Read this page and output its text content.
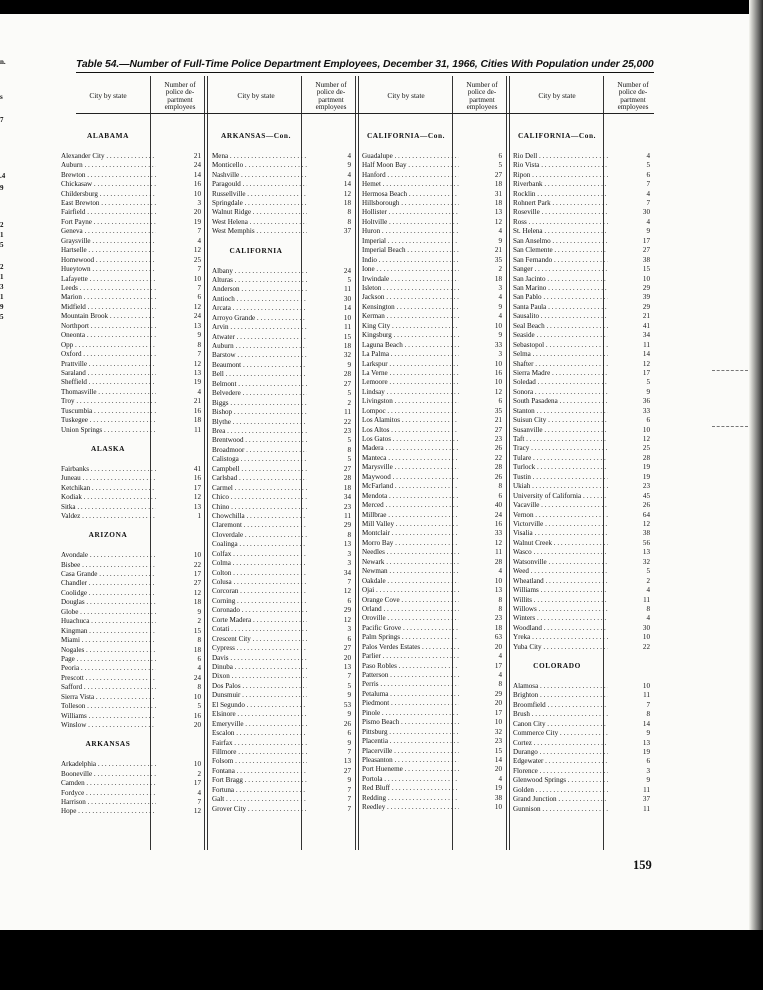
n.
s
7
.4
9
2
1
5
2
1
3
1
9
5
Table 54.—Number of Full-Time Police Department Employees, December 31, 1966, Cities With Population under 25,000
City by state
Number of
police de-
partment
employees
City by state
Number of
police de-
partment
employees
City by state
Number of
police de-
partment
employees
City by state
Number of
police de-
partment
employees
ALABAMA
Alexander City . . .	21
Auburn . . .	24
Brewton . . .	14
Chickasaw . . .	16
Childersburg . . .	10
East Brewton . . .	3
Fairfield . . .	20
Fort Payne . . .	19
Geneva . . .	7
Graysville . . .	4
Hartselle . . .	12
Homewood . . .	25
Hueytown . . .	7
Lafayette . . .	10
Leeds . . .	7
Marion . . .	6
Midfield . . .	12
Mountain Brook . . .	24
Northport . . .	13
Oneonta . . .	9
Opp . . .	8
Oxford . . .	7
Prattville . . .	12
Saraland . . .	13
Sheffield . . .	19
Thomasville . . .	4
Troy . . .	21
Tuscumbia . . .	16
Tuskegee . . .	18
Union Springs . . .	11
ALASKA
Fairbanks . . .	41
Juneau . . .	16
Ketchikan . . .	17
Kodiak . . .	12
Sitka . . .	13
Valdez . . .	1
ARIZONA
Avondale . . .	10
Bisbee . . .	22
Casa Grande . . .	17
Chandler . . .	27
Coolidge . . .	12
Douglas . . .	18
Globe . . .	9
Huachuca . . .	2
Kingman . . .	15
Miami . . .	8
Nogales . . .	18
Page . . .	6
Peoria . . .	4
Prescott . . .	24
Safford . . .	8
Sierra Vista . . .	10
Tolleson . . .	5
Williams . . .	16
Winslow . . .	20
ARKANSAS
Arkadelphia . . .	10
Booneville . . .	2
Camden . . .	17
Fordyce . . .	4
Harrison . . .	7
Hope . . .	12
ARKANSAS—Con.
Mena . . .	4
Monticello . . .	9
Nashville . . .	4
Paragould . . .	14
Russellville . . .	12
Springdale . . .	18
Walnut Ridge . . .	8
West Helena . . .	8
West Memphis . . .	37
CALIFORNIA
Albany . . .	24
Alturas . . .	5
Anderson . . .	11
Antioch . . .	30
Arcata . . .	14
Arroyo Grande . . .	10
Arvin . . .	11
Atwater . . .	15
Auburn . . .	18
Barstow . . .	32
Beaumont . . .	9
Bell . . .	28
Belmont . . .	27
Belvedere . . .	5
Biggs . . .	2
Bishop . . .	11
Blythe . . .	22
Brea . . .	23
Brentwood . . .	5
Broadmoor . . .	8
Calistoga . . .	5
Campbell . . .	27
Carlsbad . . .	28
Carmel . . .	18
Chico . . .	34
Chino . . .	23
Chowchilla . . .	11
Claremont . . .	29
Cloverdale . . .	8
Coalinga . . .	13
Colfax . . .	3
Colma . . .	3
Colton . . .	34
Colusa . . .	7
Corcoran . . .	12
Corning . . .	6
Coronado . . .	29
Corte Madera . . .	12
Cotati . . .	3
Crescent City . . .	6
Cypress . . .	27
Davis . . .	20
Dinuba . . .	13
Dixon . . .	7
Dos Palos . . .	5
Dunsmuir . . .	9
El Segundo . . .	53
Elsinore . . .	9
Emeryville . . .	26
Escalon . . .	6
Fairfax . . .	9
Fillmore . . .	7
Folsom . . .	13
Fontana . . .	27
Fort Bragg . . .	9
Fortuna . . .	7
Galt . . .	7
Grover City . . .	7
CALIFORNIA—Con.
Guadalupe . . .	6
Half Moon Bay . . .	5
Hanford . . .	27
Hemet . . .	18
Hermosa Beach . . .	31
Hillsborough . . .	18
Hollister . . .	13
Holtville . . .	12
Huron . . .	4
Imperial . . .	9
Imperial Beach . . .	21
Indio . . .	35
Ione . . .	2
Irwindale . . .	18
Isleton . . .	3
Jackson . . .	4
Kensington . . .	9
Kerman . . .	4
King City . . .	10
Kingsburg . . .	9
Laguna Beach . . .	33
La Palma . . .	3
Larkspur . . .	10
La Verne . . .	16
Lemoore . . .	10
Lindsay . . .	12
Livingston . . .	6
Lompoc . . .	35
Los Alamitos . . .	21
Los Altos . . .	27
Los Gatos . . .	23
Madera . . .	26
Manteca . . .	22
Marysville . . .	28
Maywood . . .	26
McFarland . . .	8
Mendota . . .	6
Merced . . .	40
Millbrae . . .	24
Mill Valley . . .	16
Montclair . . .	33
Morro Bay . . .	12
Needles . . .	11
Newark . . .	28
Newman . . .	4
Oakdale . . .	10
Ojai . . .	13
Orange Cove . . .	8
Orland . . .	8
Oroville . . .	23
Pacific Grove . . .	18
Palm Springs . . .	63
Palos Verdes Estates . . .	20
Parlier . . .	4
Paso Robles . . .	17
Patterson . . .	4
Perris . . .	8
Petaluma . . .	29
Piedmont . . .	20
Pinole . . .	17
Pismo Beach . . .	10
Pittsburg . . .	32
Placentia . . .	23
Placerville . . .	15
Pleasanton . . .	14
Port Hueneme . . .	20
Portola . . .	4
Red Bluff . . .	19
Redding . . .	38
Reedley . . .	10
CALIFORNIA—Con.
Rio Dell . . .	4
Rio Vista . . .	5
Ripon . . .	6
Riverbank . . .	7
Rocklin . . .	4
Rohnert Park . . .	7
Roseville . . .	30
Ross . . .	4
St. Helena . . .	9
San Anselmo . . .	17
San Clemente . . .	27
San Fernando . . .	38
Sanger . . .	15
San Jacinto . . .	10
San Marino . . .	29
San Pablo . . .	39
Santa Paula . . .	29
Sausalito . . .	21
Seal Beach . . .	41
Seaside . . .	34
Sebastopol . . .	11
Selma . . .	14
Shafter . . .	12
Sierra Madre . . .	17
Soledad . . .	5
Sonora . . .	9
South Pasadena . . .	36
Stanton . . .	33
Suisun City . . .	6
Susanville . . .	10
Taft . . .	12
Tracy . . .	25
Tulare . . .	28
Turlock . . .	19
Tustin . . .	19
Ukiah . . .	23
University of California . . .	45
Vacaville . . .	26
Vernon . . .	64
Victorville . . .	12
Visalia . . .	38
Walnut Creek . . .	56
Wasco . . .	13
Watsonville . . .	32
Weed . . .	5
Wheatland . . .	2
Williams . . .	4
Willits . . .	11
Willows . . .	8
Winters . . .	4
Woodland . . .	30
Yreka . . .	10
Yuba City . . .	22
COLORADO
Alamosa . . .	10
Brighton . . .	11
Broomfield . . .	7
Brush . . .	8
Canon City . . .	14
Commerce City . . .	9
Cortez . . .	13
Durango . . .	19
Edgewater . . .	6
Florence . . .	3
Glenwood Springs . . .	9
Golden . . .	11
Grand Junction . . .	37
Gunnison . . .	11
159
